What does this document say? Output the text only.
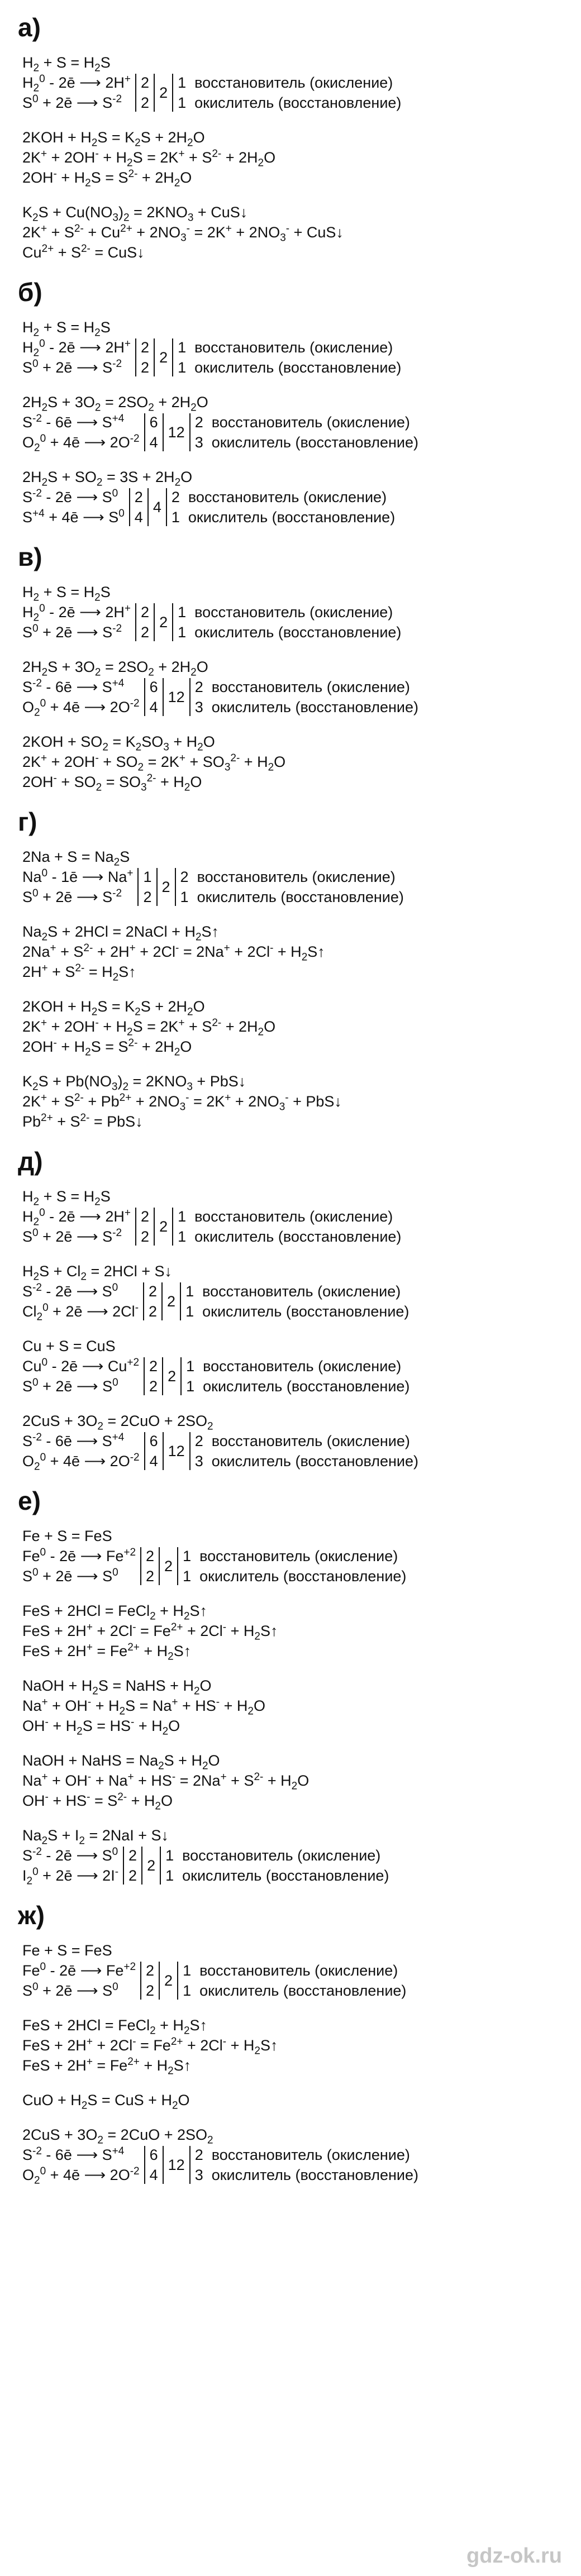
а)
$H_2 + S = H_2S$
$H_2^0$ - 2ē ⟶ 2H+
$S^0$ + 2ē ⟶ $S^{-2}$
2
2
2
1  восстановитель (окисление)
1  окислитель (восстановление)
$2KOH + H_2S = K_2S + 2H_2O$
$2K^+ + 2OH^- + H_2S = 2K^+ + S^{2-} + 2H_2O$
$2OH^- + H_2S = S^{2-} + 2H_2O$
$K_2S + Cu(NO_3)_2 = 2KNO_3$ + CuS↓
$2K^+ + S^{2-} + Cu^{2+} + 2NO_3^- = 2K^+ + 2NO_3^-$ + CuS↓
$Cu^{2+} + S^{2-}$ = CuS↓
б)
$H_2 + S = H_2S$
$H_2^0$ - 2ē ⟶ 2H+
$S^0$ + 2ē ⟶ $S^{-2}$
2
2
2
1  восстановитель (окисление)
1  окислитель (восстановление)
$2H_2S + 3O_2 = 2SO_2 + 2H_2O$
$S^{-2}$ - 6ē ⟶ $S^{+4}$
$O_2^0$ + 4ē ⟶ $2O^{-2}$
6
4
12
2  восстановитель (окисление)
3  окислитель (восстановление)
$2H_2S + SO_2 = 3S + 2H_2O$
$S^{-2}$ - 2ē ⟶ $S^0$
$S^{+4}$ + 4ē ⟶ $S^0$
2
4
4
2  восстановитель (окисление)
1  окислитель (восстановление)
в)
$H_2 + S = H_2S$
$H_2^0$ - 2ē ⟶ 2H+
$S^0$ + 2ē ⟶ $S^{-2}$
2
2
2
1  восстановитель (окисление)
1  окислитель (восстановление)
$2H_2S + 3O_2 = 2SO_2 + 2H_2O$
$S^{-2}$ - 6ē ⟶ $S^{+4}$
$O_2^0$ + 4ē ⟶ $2O^{-2}$
6
4
12
2  восстановитель (окисление)
3  окислитель (восстановление)
$2KOH + SO_2 = K_2SO_3 + H_2O$
$2K^+ + 2OH^- + SO_2 = 2K^+ + SO_3^{2-} + H_2O$
$2OH^- + SO_2 = SO_3^{2-} + H_2O$
г)
$2Na + S = Na_2S$
Na$^0$ - 1ē ⟶ Na+
$S^0$ + 2ē ⟶ $S^{-2}$
1
2
2
2  восстановитель (окисление)
1  окислитель (восстановление)
$Na_2S + 2HCl$ = 2NaCl + $H_2S↑$
$2Na^+ + S^{2-} + 2H^+ + 2Cl^- = 2Na^+ + 2Cl^-$ + $H_2S↑$
$2H^+ + S^{2-}$ = $H_2S↑$
$2KOH + H_2S = K_2S + 2H_2O$
$2K^+ + 2OH^- + H_2S = 2K^+ + S^{2-} + 2H_2O$
$2OH^- + H_2S = S^{2-} + 2H_2O$
$K_2S + Pb(NO_3)_2 = 2KNO_3$ + PbS↓
$2K^+ + S^{2-} + Pb^{2+} + 2NO_3^- = 2K^+ + 2NO_3^-$ + PbS↓
$Pb^{2+} + S^{2-}$ = PbS↓
д)
$H_2 + S = H_2S$
$H_2^0$ - 2ē ⟶ 2H+
$S^0$ + 2ē ⟶ $S^{-2}$
2
2
2
1  восстановитель (окисление)
1  окислитель (восстановление)
$H_2S + Cl_2 = 2HCl$ + S↓
$S^{-2}$ - 2ē ⟶ $S^0$
$Cl_2^0$ + 2ē ⟶ 2Cl-
2
2
2
1  восстановитель (окисление)
1  окислитель (восстановление)
Cu + S = CuS
Cu$^0$ - 2ē ⟶ $Cu^{+2}$
$S^0$ + 2ē ⟶ $S^0$
2
2
2
1  восстановитель (окисление)
1  окислитель (восстановление)
$2CuS + 3O_2 = 2CuO + 2SO_2$
$S^{-2}$ - 6ē ⟶ $S^{+4}$
$O_2^0$ + 4ē ⟶ $2O^{-2}$
6
4
12
2  восстановитель (окисление)
3  окислитель (восстановление)
е)
Fe + S = FeS
Fe$^0$ - 2ē ⟶ $Fe^{+2}$
$S^0$ + 2ē ⟶ $S^0$
2
2
2
1  восстановитель (окисление)
1  окислитель (восстановление)
FeS + 2HCl = FeCl$_2$ + $H_2S↑$
FeS + $2H^+ + 2Cl^- = Fe^{2+} + 2Cl^-$ + $H_2S↑$
FeS + $2H^+ = Fe^{2+}$ + $H_2S↑$
NaOH + $H_2S$ = NaHS + $H_2O$
$Na^+ + OH^- + H_2S = Na^+ + HS^- + H_2O$
$OH^- + H_2S = HS^- + H_2O$
NaOH + NaHS = $Na_2S + H_2O$
$Na^+ + OH^- + Na^+ + HS^- = 2Na^+ + S^{2-} + H_2O$
$OH^- + HS^- = S^{2-} + H_2O$
$Na_2S + I_2 = 2NaI$ + S↓
$S^{-2}$ - 2ē ⟶ $S^0$
$I_2^0$ + 2ē ⟶ 2I-
2
2
2
1  восстановитель (окисление)
1  окислитель (восстановление)
ж)
Fe + S = FeS
Fe$^0$ - 2ē ⟶ $Fe^{+2}$
$S^0$ + 2ē ⟶ $S^0$
2
2
2
1  восстановитель (окисление)
1  окислитель (восстановление)
FeS + 2HCl = FeCl$_2$ + $H_2S↑$
FeS + $2H^+ + 2Cl^- = Fe^{2+} + 2Cl^-$ + $H_2S↑$
FeS + $2H^+ = Fe^{2+}$ + $H_2S↑$
CuO + $H_2S$ = CuS + $H_2O$
$2CuS + 3O_2 = 2CuO + 2SO_2$
$S^{-2}$ - 6ē ⟶ $S^{+4}$
$O_2^0$ + 4ē ⟶ $2O^{-2}$
6
4
12
2  восстановитель (окисление)
3  окислитель (восстановление)
gdz-ok.ru
